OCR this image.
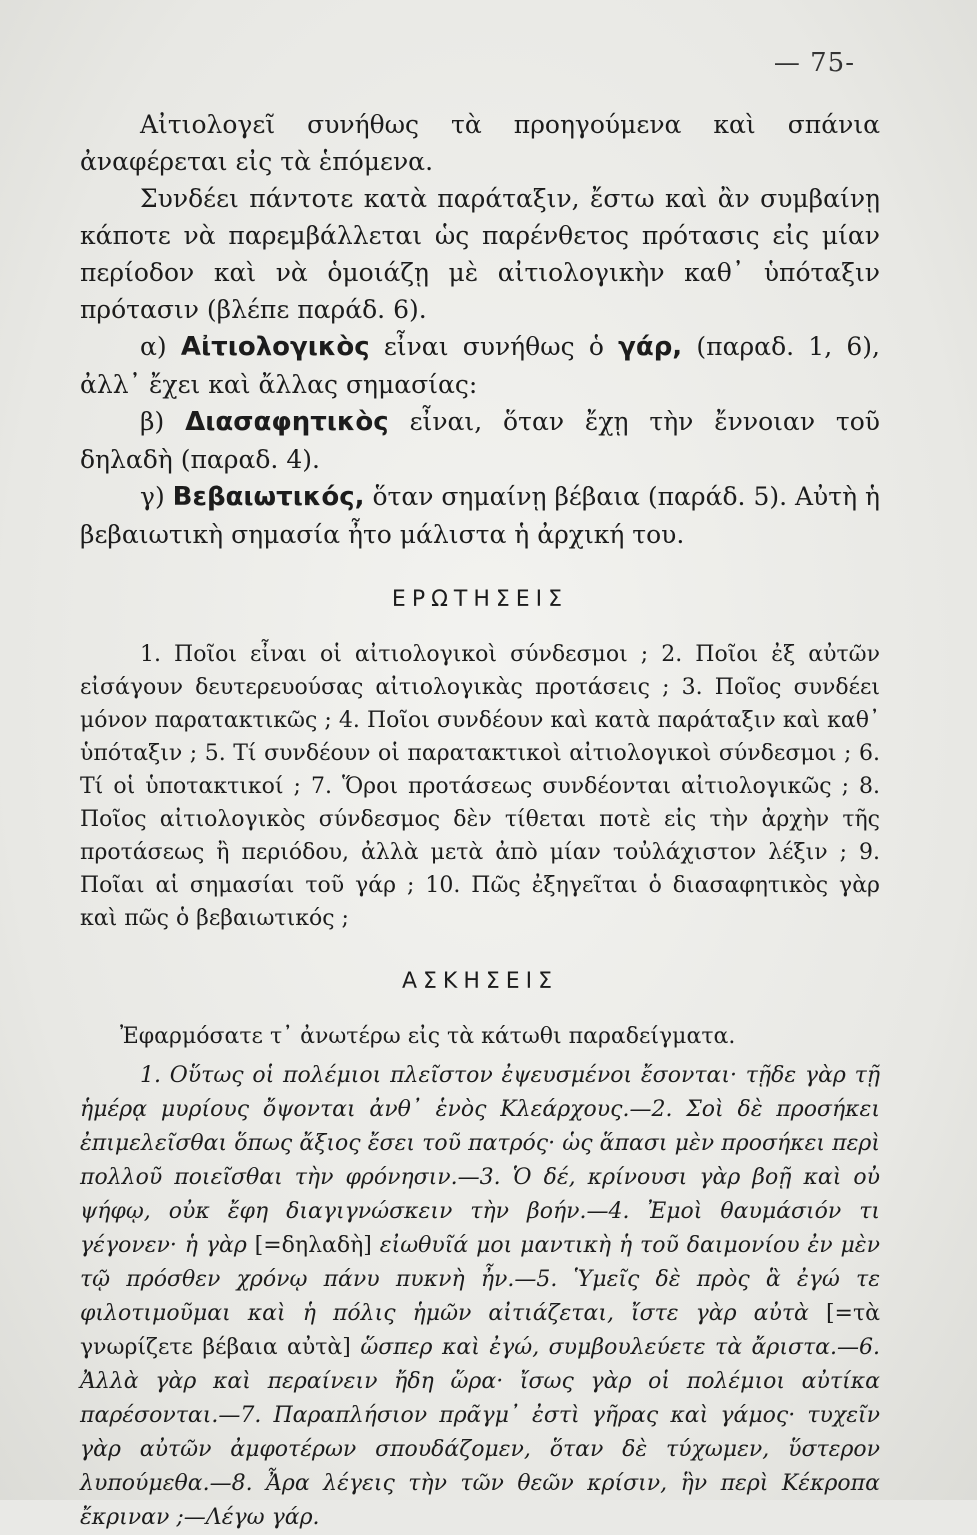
— 75-

Αἰτιολογεῖ συνήθως τὰ προηγούμενα καὶ σπάνια ἀναφέρεται εἰς τὰ ἑπόμενα.

Συνδέει πάντοτε κατὰ παράταξιν, ἔστω καὶ ἂν συμβαίνῃ κάποτε νὰ παρεμβάλλεται ὡς παρένθετος πρότασις εἰς μίαν περίοδον καὶ νὰ ὁμοιάζῃ μὲ αἰτιολογικὴν καθ᾽ ὑπόταξιν πρότασιν (βλέπε παράδ. 6).

α) Αἰτιολογικὸς εἶναι συνήθως ὁ γάρ, (παραδ. 1, 6), ἀλλ᾽ ἔχει καὶ ἄλλας σημασίας:

β) Διασαφητικὸς εἶναι, ὅταν ἔχῃ τὴν ἔννοιαν τοῦ δηλαδὴ (παραδ. 4).

γ) Βεβαιωτικός, ὅταν σημαίνῃ βέβαια (παράδ. 5). Αὐτὴ ἡ βεβαιωτικὴ σημασία ἦτο μάλιστα ἡ ἀρχική του.

ΕΡΩΤΗΣΕΙΣ

1. Ποῖοι εἶναι οἱ αἰτιολογικοὶ σύνδεσμοι ; 2. Ποῖοι ἐξ αὐτῶν εἰσάγουν δευτερευούσας αἰτιολογικὰς προτάσεις ; 3. Ποῖος συνδέει μόνον παρατακτικῶς ; 4. Ποῖοι συνδέουν καὶ κατὰ παράταξιν καὶ καθ᾽ ὑπόταξιν ; 5. Τί συνδέουν οἱ παρατακτικοὶ αἰτιολογικοὶ σύνδεσμοι ; 6. Τί οἱ ὑποτακτικοί ; 7. Ὅροι προτάσεως συνδέονται αἰτιολογικῶς ; 8. Ποῖος αἰτιολογικὸς σύνδεσμος δὲν τίθεται ποτὲ εἰς τὴν ἀρχὴν τῆς προτάσεως ἢ περιόδου, ἀλλὰ μετὰ ἀπὸ μίαν τοὐλάχιστον λέξιν ; 9. Ποῖαι αἱ σημασίαι τοῦ γάρ ; 10. Πῶς ἐξηγεῖται ὁ διασαφητικὸς γὰρ καὶ πῶς ὁ βεβαιωτικός ;

ΑΣΚΗΣΕΙΣ

Ἐφαρμόσατε τ᾽ ἀνωτέρω εἰς τὰ κάτωθι παραδείγματα.

1. Οὕτως οἱ πολέμιοι πλεῖστον ἐψευσμένοι ἔσονται· τῇδε γὰρ τῇ ἡμέρᾳ μυρίους ὄψονται ἀνθ᾽ ἑνὸς Κλεάρχους.—2. Σοὶ δὲ προσήκει ἐπιμελεῖσθαι ὅπως ἄξιος ἔσει τοῦ πατρός· ὡς ἅπασι μὲν προσήκει περὶ πολλοῦ ποιεῖσθαι τὴν φρόνησιν.—3. Ὁ δέ, κρίνουσι γὰρ βοῇ καὶ οὐ ψήφῳ, οὐκ ἔφη διαγιγνώσκειν τὴν βοήν.—4. Ἐμοὶ θαυμάσιόν τι γέγονεν· ἡ γὰρ [=δηλαδὴ] εἰωθυῖά μοι μαντικὴ ἡ τοῦ δαιμονίου ἐν μὲν τῷ πρόσθεν χρόνῳ πάνυ πυκνὴ ἦν.—5. Ὑμεῖς δὲ πρὸς ἃ ἐγώ τε φιλοτιμοῦμαι καὶ ἡ πόλις ἡμῶν αἰτιάζεται, ἴστε γὰρ αὐτὰ [=τὰ γνωρίζετε βέβαια αὐτὰ] ὥσπερ καὶ ἐγώ, συμβουλεύετε τὰ ἄριστα.—6. Ἀλλὰ γὰρ καὶ περαίνειν ἤδη ὥρα· ἴσως γὰρ οἱ πολέμιοι αὐτίκα παρέσονται.—7. Παραπλήσιον πρᾶγμ᾽ ἐστὶ γῆρας καὶ γάμος· τυχεῖν γὰρ αὐτῶν ἀμφοτέρων σπουδάζομεν, ὅταν δὲ τύχωμεν, ὕστερον λυπούμεθα.—8. Ἆρα λέγεις τὴν τῶν θεῶν κρίσιν, ἣν περὶ Κέκροπα ἔκριναν ;—Λέγω γάρ.
